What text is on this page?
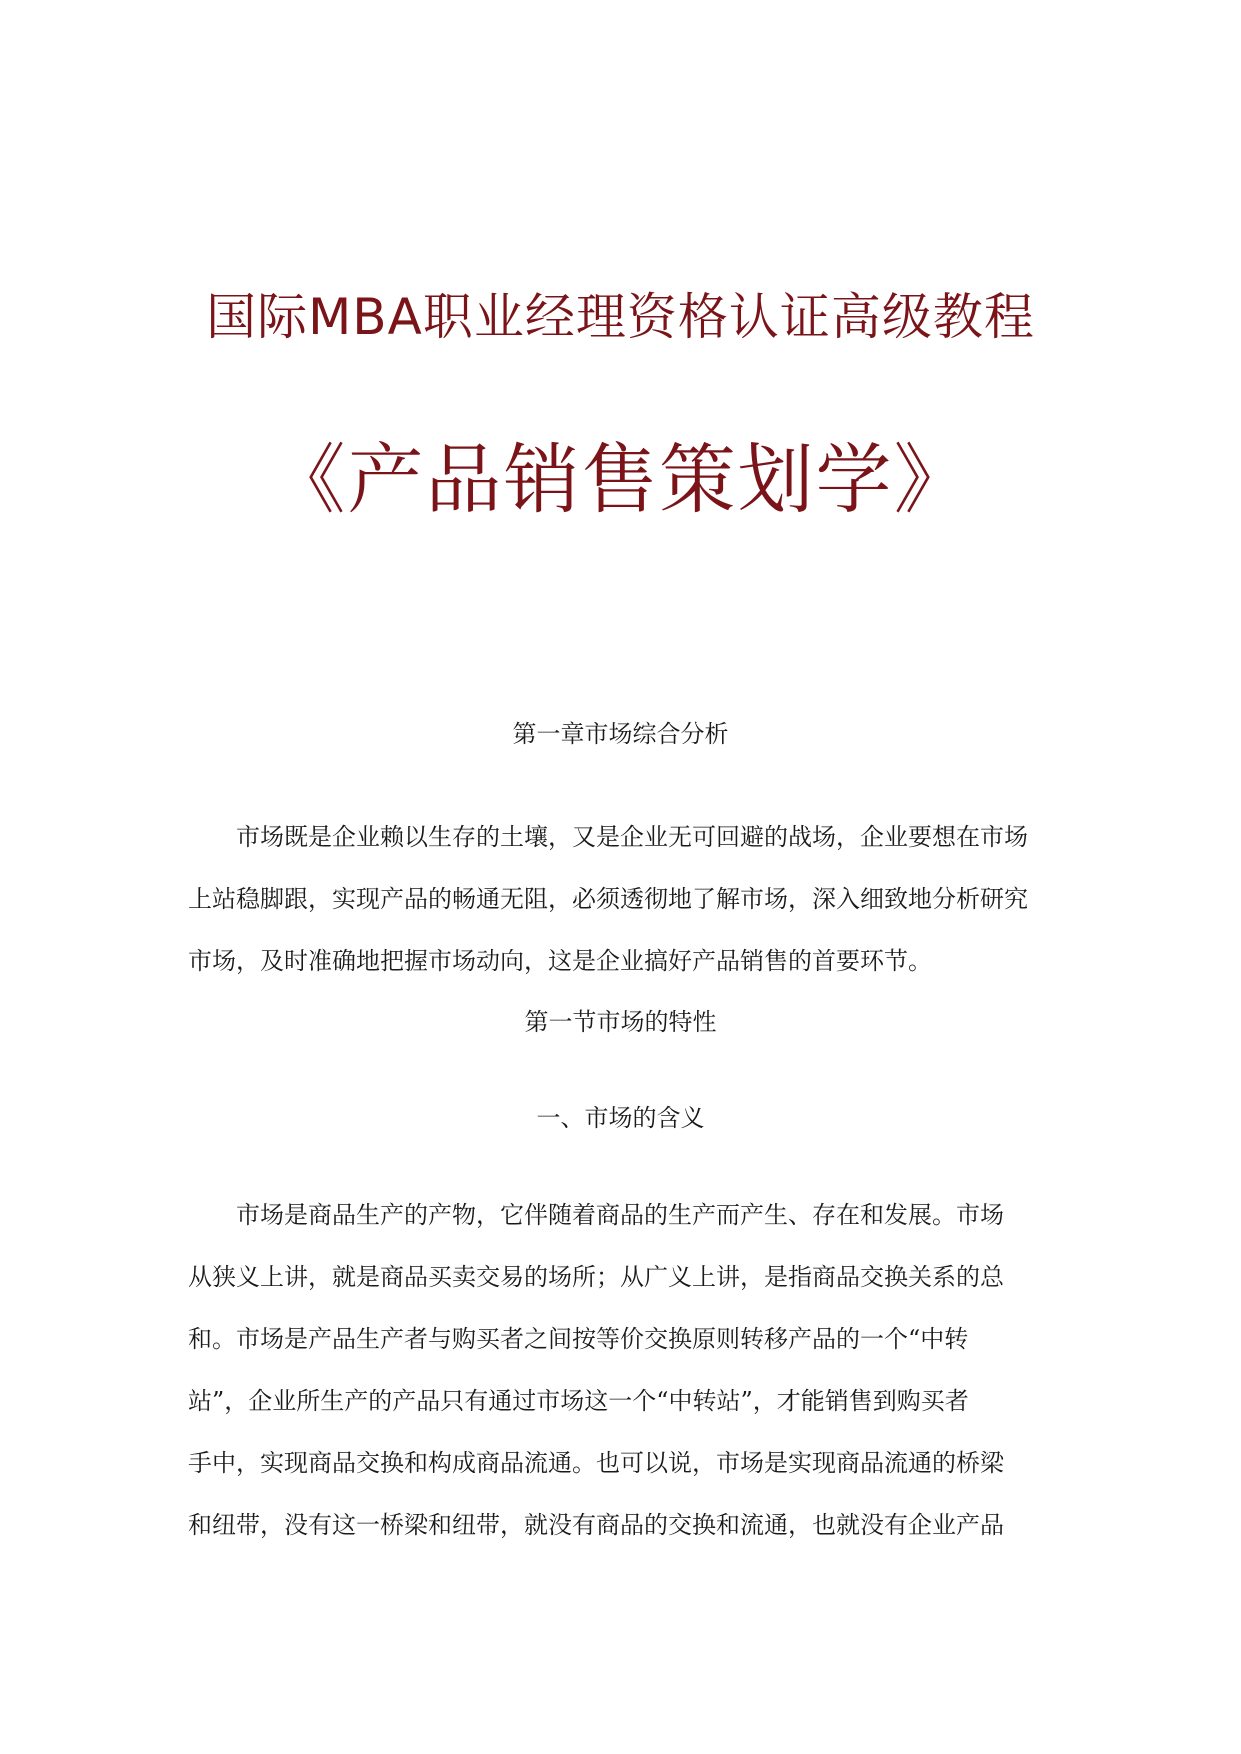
国际MBA职业经理资格认证高级教程
《产品销售策划学》
第一章市场综合分析

　　市场既是企业赖以生存的土壤，又是企业无可回避的战场，企业要想在市场
上站稳脚跟，实现产品的畅通无阻，必须透彻地了解市场，深入细致地分析研究
市场，及时准确地把握市场动向，这是企业搞好产品销售的首要环节。

第一节市场的特性
一、市场的含义

　　市场是商品生产的产物，它伴随着商品的生产而产生、存在和发展。市场
从狭义上讲，就是商品买卖交易的场所；从广义上讲，是指商品交换关系的总
和。市场是产品生产者与购买者之间按等价交换原则转移产品的一个“中转
站”，企业所生产的产品只有通过市场这一个“中转站”，才能销售到购买者
手中，实现商品交换和构成商品流通。也可以说，市场是实现商品流通的桥梁
和纽带，没有这一桥梁和纽带，就没有商品的交换和流通，也就没有企业产品
